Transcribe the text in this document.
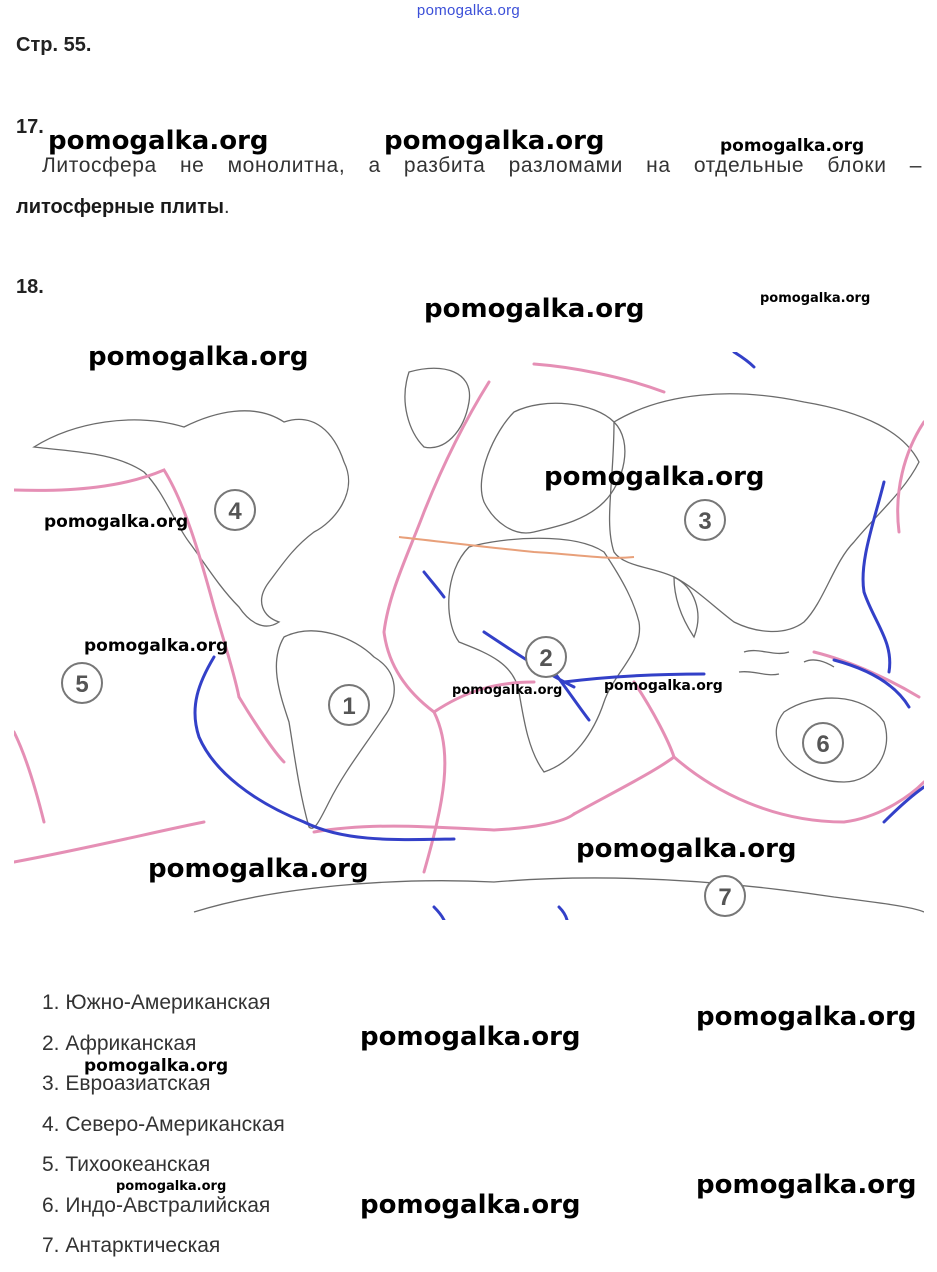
pomogalka.org
Стр. 55.
17.
Литосфера не монолитна, а разбита разломами на отдельные блоки –
литосферные плиты.
18.
1
2
3
4
5
6
7
1. Южно-Американская
2. Африканская
3. Евроазиатская
4. Северо-Американская
5. Тихоокеанская
6. Индо-Австралийская
7. Антарктическая
pomogalka.org	pomogalka.org	pomogalka.org
pomogalka.org	pomogalka.org
pomogalka.org
pomogalka.org
pomogalka.org
pomogalka.org
pomogalka.org	pomogalka.org
pomogalka.org
pomogalka.org
pomogalka.org
pomogalka.org
pomogalka.org
pomogalka.org
pomogalka.org
pomogalka.org
